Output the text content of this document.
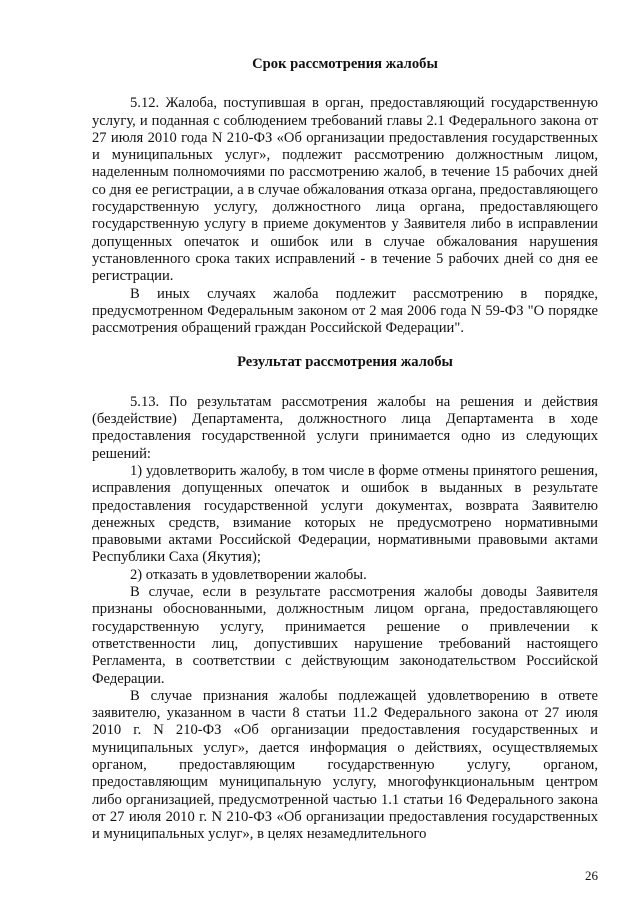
Срок рассмотрения жалобы

5.12. Жалоба, поступившая в орган, предоставляющий государственную услугу, и поданная с соблюдением требований главы 2.1 Федерального закона от 27 июля 2010 года N 210-ФЗ «Об организации предоставления государственных и муниципальных услуг», подлежит рассмотрению должностным лицом, наделенным полномочиями по рассмотрению жалоб, в течение 15 рабочих дней со дня ее регистрации, а в случае обжалования отказа органа, предоставляющего государственную услугу, должностного лица органа, предоставляющего государственную услугу в приеме документов у Заявителя либо в исправлении допущенных опечаток и ошибок или в случае обжалования нарушения установленного срока таких исправлений - в течение 5 рабочих дней со дня ее регистрации.

В иных случаях жалоба подлежит рассмотрению в порядке, предусмотренном Федеральным законом от 2 мая 2006 года N 59-ФЗ "О порядке рассмотрения обращений граждан Российской Федерации".

Результат рассмотрения жалобы

5.13. По результатам рассмотрения жалобы на решения и действия (бездействие) Департамента, должностного лица Департамента в ходе предоставления государственной услуги принимается одно из следующих решений:

1) удовлетворить жалобу, в том числе в форме отмены принятого решения, исправления допущенных опечаток и ошибок в выданных в результате предоставления государственной услуги документах, возврата Заявителю денежных средств, взимание которых не предусмотрено нормативными правовыми актами Российской Федерации, нормативными правовыми актами Республики Саха (Якутия);

2) отказать в удовлетворении жалобы.

В случае, если в результате рассмотрения жалобы доводы Заявителя признаны обоснованными, должностным лицом органа, предоставляющего государственную услугу, принимается решение о привлечении к ответственности лиц, допустивших нарушение требований настоящего Регламента, в соответствии с действующим законодательством Российской Федерации.

В случае признания жалобы подлежащей удовлетворению в ответе заявителю, указанном в части 8 статьи 11.2 Федерального закона от 27 июля 2010 г. N 210-ФЗ «Об организации предоставления государственных и муниципальных услуг», дается информация о действиях, осуществляемых органом, предоставляющим государственную услугу, органом, предоставляющим муниципальную услугу, многофункциональным центром либо организацией, предусмотренной частью 1.1 статьи 16 Федерального закона от 27 июля 2010 г. N 210-ФЗ «Об организации предоставления государственных и муниципальных услуг», в целях незамедлительного

26
